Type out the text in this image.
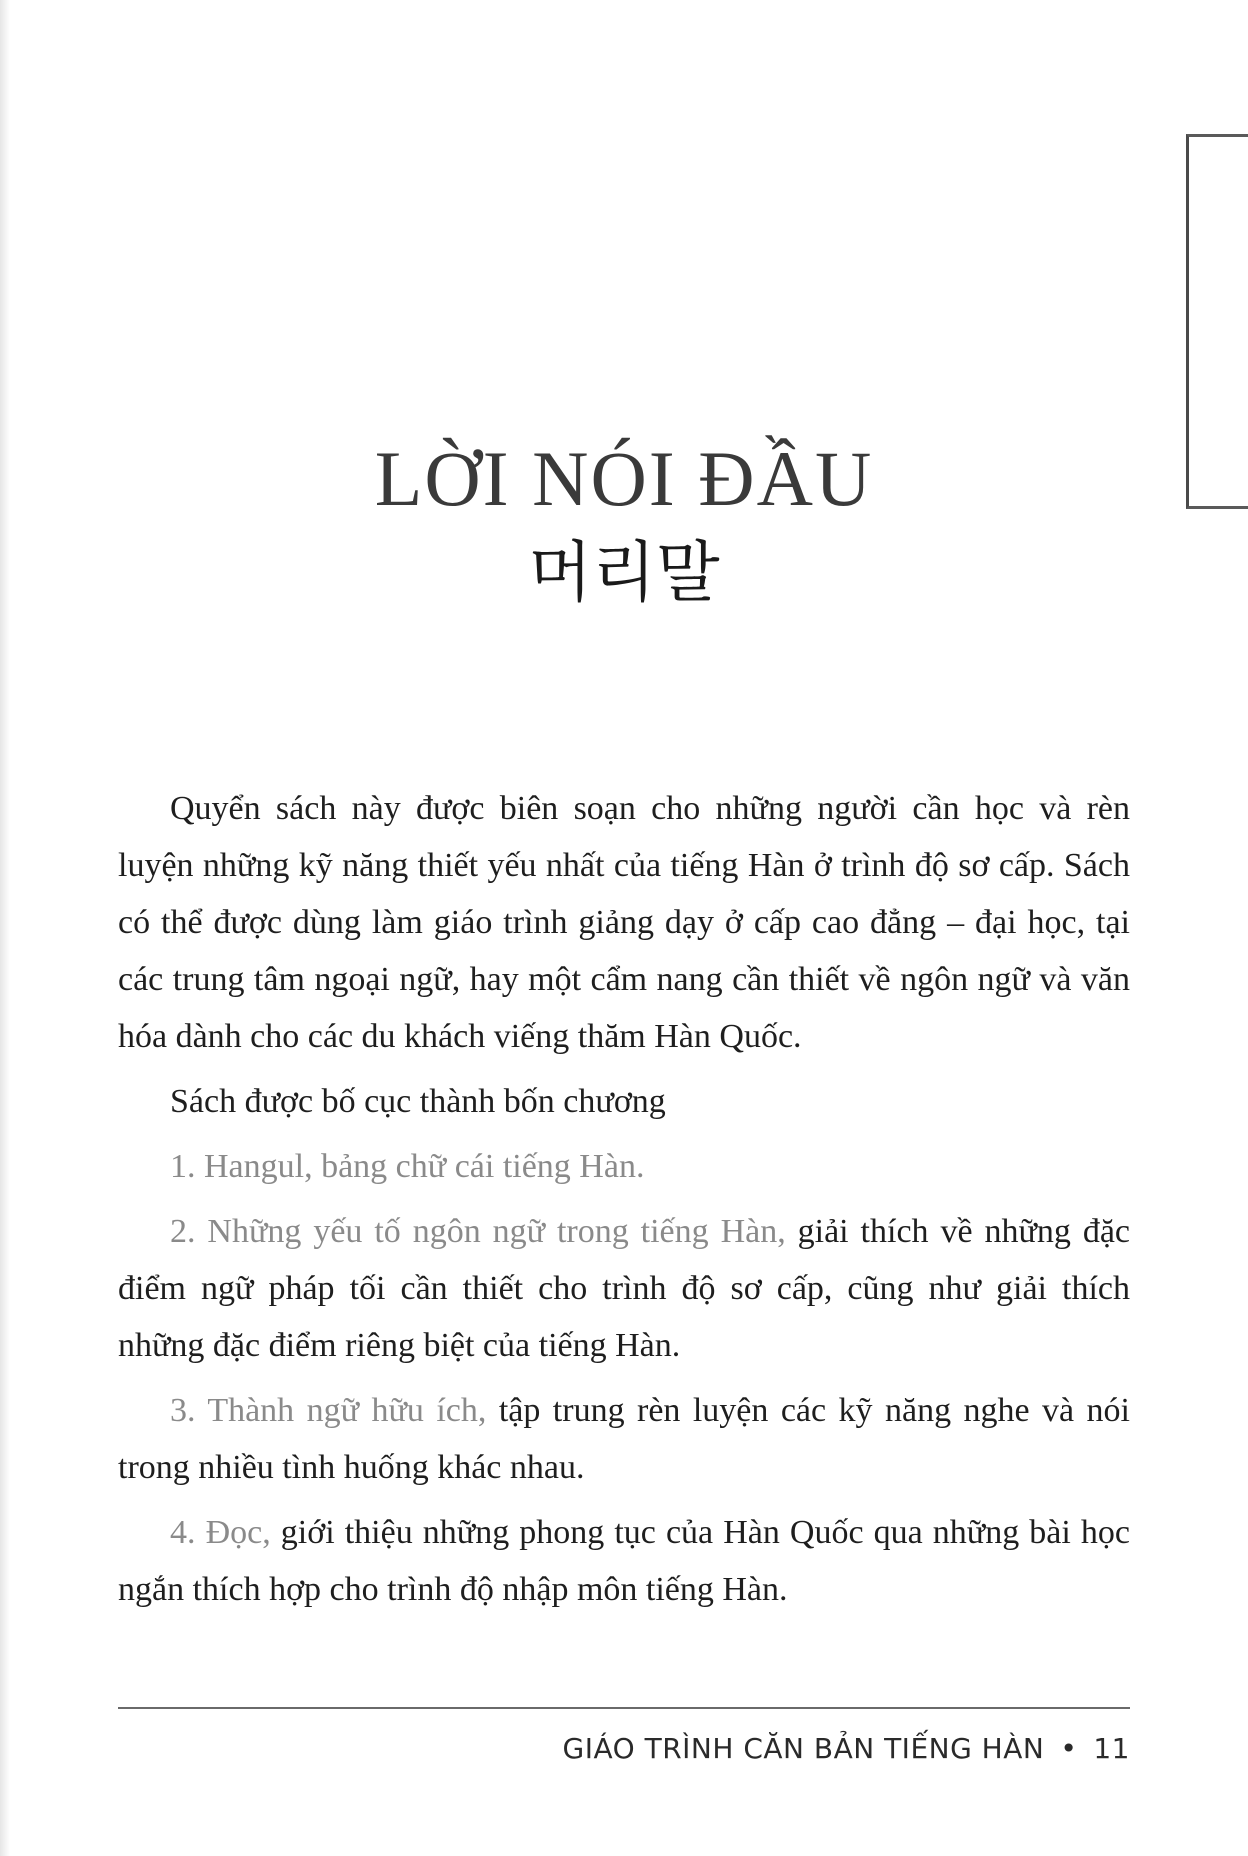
LỜI NÓI ĐẦU
머리말

Quyển sách này được biên soạn cho những người cần học và rèn luyện những kỹ năng thiết yếu nhất của tiếng Hàn ở trình độ sơ cấp. Sách có thể được dùng làm giáo trình giảng dạy ở cấp cao đẳng – đại học, tại các trung tâm ngoại ngữ, hay một cẩm nang cần thiết về ngôn ngữ và văn hóa dành cho các du khách viếng thăm Hàn Quốc.

Sách được bố cục thành bốn chương

1. Hangul, bảng chữ cái tiếng Hàn.

2. Những yếu tố ngôn ngữ trong tiếng Hàn, giải thích về những đặc điểm ngữ pháp tối cần thiết cho trình độ sơ cấp, cũng như giải thích những đặc điểm riêng biệt của tiếng Hàn.

3. Thành ngữ hữu ích, tập trung rèn luyện các kỹ năng nghe và nói trong nhiều tình huống khác nhau.

4. Đọc, giới thiệu những phong tục của Hàn Quốc qua những bài học ngắn thích hợp cho trình độ nhập môn tiếng Hàn.

GIÁO TRÌNH CĂN BẢN TIẾNG HÀN • 11
